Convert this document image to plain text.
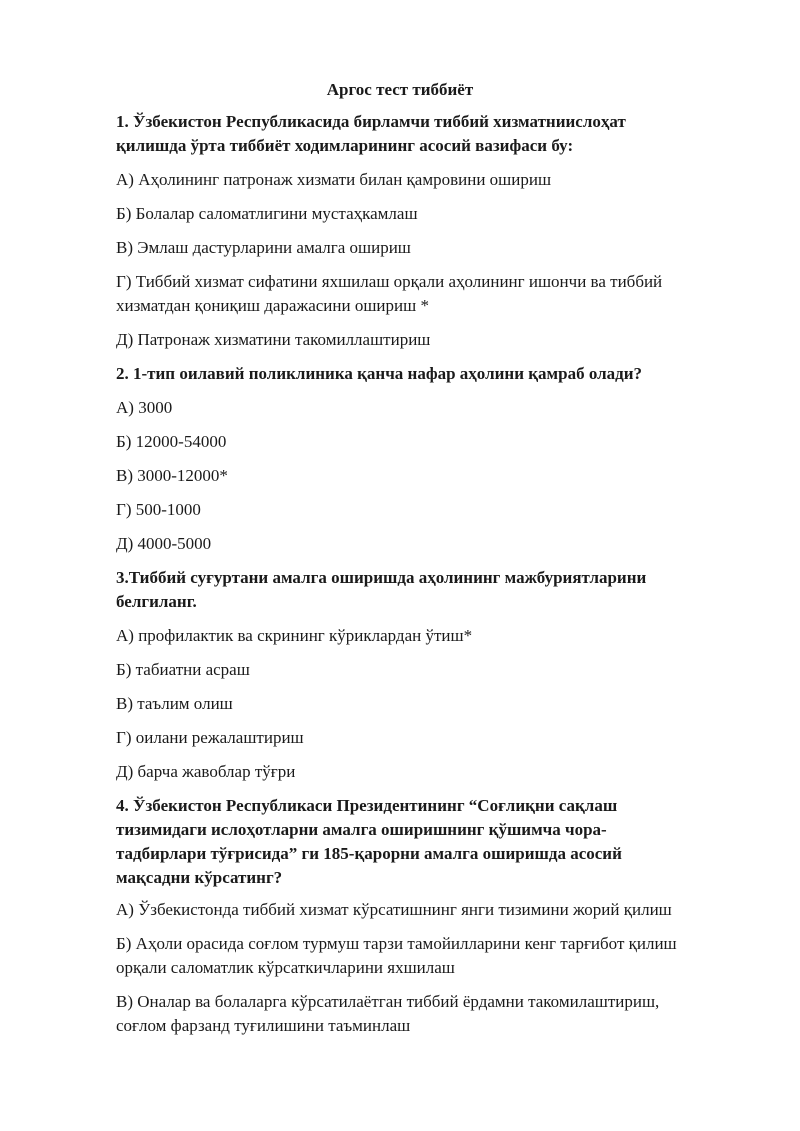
Аргос тест тиббиёт

1. Ўзбекистон Республикасида бирламчи тиббий хизматниислоҳат қилишда ўрта тиббиёт ходимларининг асосий вазифаси бу:

А) Аҳолининг патронаж хизмати билан қамровини ошириш

Б) Болалар саломатлигини мустаҳкамлаш

В) Эмлаш дастурларини амалга ошириш

Г) Тиббий хизмат сифатини яхшилаш орқали аҳолининг ишончи ва тиббий хизматдан қониқиш даражасини ошириш *

Д) Патронаж хизматини такомиллаштириш

2. 1-тип оилавий поликлиника қанча нафар аҳолини қамраб олади?

А) 3000

Б) 12000-54000

В) 3000-12000*

Г) 500-1000

Д) 4000-5000

3.Тиббий суғуртани амалга оширишда аҳолининг мажбуриятларини белгиланг.

А) профилактик ва скрининг кўриклардан ўтиш*

Б) табиатни асраш

В) таълим олиш

Г) оилани режалаштириш

Д) барча жавоблар тўғри

4. Ўзбекистон Республикаси Президентининг “Соғлиқни сақлаш тизимидаги ислоҳотларни амалга оширишнинг қўшимча чора-тадбирлари тўғрисида” ги 185-қарорни амалга оширишда асосий мақсадни кўрсатинг?

А) Ўзбекистонда тиббий хизмат кўрсатишнинг янги тизимини жорий қилиш

Б) Аҳоли орасида соғлом турмуш тарзи тамойилларини кенг тарғибот қилиш орқали саломатлик кўрсаткичларини яхшилаш

В) Оналар ва болаларга кўрсатилаётган тиббий ёрдамни такомилаштириш, соғлом фарзанд туғилишини таъминлаш
